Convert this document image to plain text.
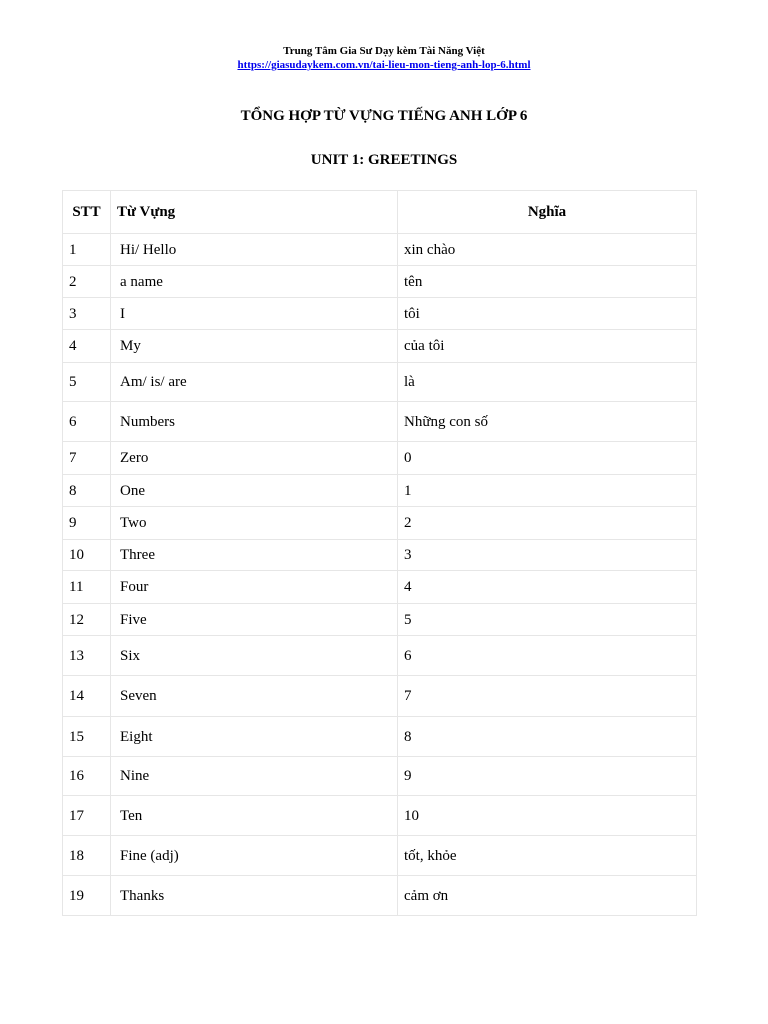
Trung Tâm Gia Sư Dạy kèm Tài Năng Việt
https://giasudaykem.com.vn/tai-lieu-mon-tieng-anh-lop-6.html
TỔNG HỢP TỪ VỰNG TIẾNG ANH LỚP 6
UNIT 1: GREETINGS
STT	Từ Vựng	Nghĩa
1	Hi/ Hello	xin chào
2	a name	tên
3	I	tôi
4	My	của tôi
5	Am/ is/ are	là
6	Numbers	Những con số
7	Zero	0
8	One	1
9	Two	2
10	Three	3
11	Four	4
12	Five	5
13	Six	6
14	Seven	7
15	Eight	8
16	Nine	9
17	Ten	10
18	Fine (adj)	tốt, khỏe
19	Thanks	cảm ơn
